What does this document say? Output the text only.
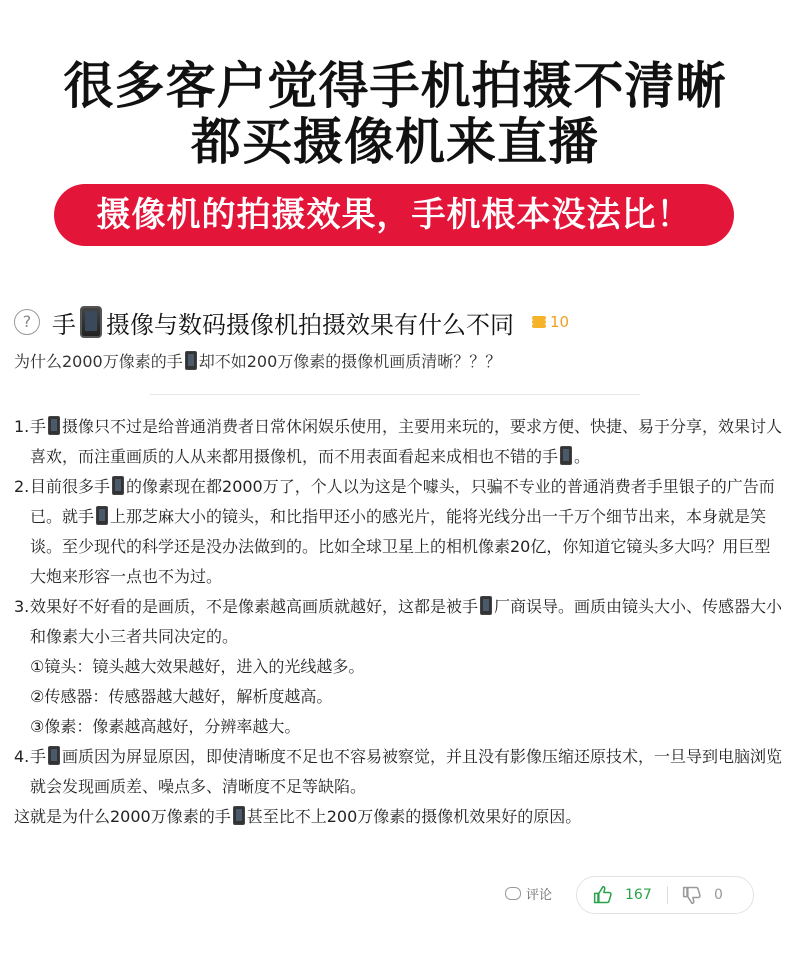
很多客户觉得手机拍摄不清晰
都买摄像机来直播
摄像机的拍摄效果，手机根本没法比！
? 手 摄像与数码摄像机拍摄效果有什么不同 10
为什么2000万像素的手 却不如200万像素的摄像机画质清晰？？？
1. 手 摄像只不过是给普通消费者日常休闲娱乐使用，主要用来玩的，要求方便、快捷、易于分享，效果讨人喜欢，而注重画质的人从来都用摄像机，而不用表面看起来成相也不错的手 。
2. 目前很多手 的像素现在都2000万了，个人以为这是个噱头，只骗不专业的普通消费者手里银子的广告而已。就手 上那芝麻大小的镜头，和比指甲还小的感光片，能将光线分出一千万个细节出来，本身就是笑谈。至少现代的科学还是没办法做到的。比如全球卫星上的相机像素20亿，你知道它镜头多大吗？用巨型大炮来形容一点也不为过。
3. 效果好不好看的是画质，不是像素越高画质就越好，这都是被手 厂商误导。画质由镜头大小、传感器大小和像素大小三者共同决定的。
①镜头：镜头越大效果越好，进入的光线越多。
②传感器：传感器越大越好，解析度越高。
③像素：像素越高越好，分辨率越大。
4. 手 画质因为屏显原因，即使清晰度不足也不容易被察觉，并且没有影像压缩还原技术，一旦导到电脑浏览就会发现画质差、噪点多、清晰度不足等缺陷。
这就是为什么2000万像素的手 甚至比不上200万像素的摄像机效果好的原因。
评论	167	0
